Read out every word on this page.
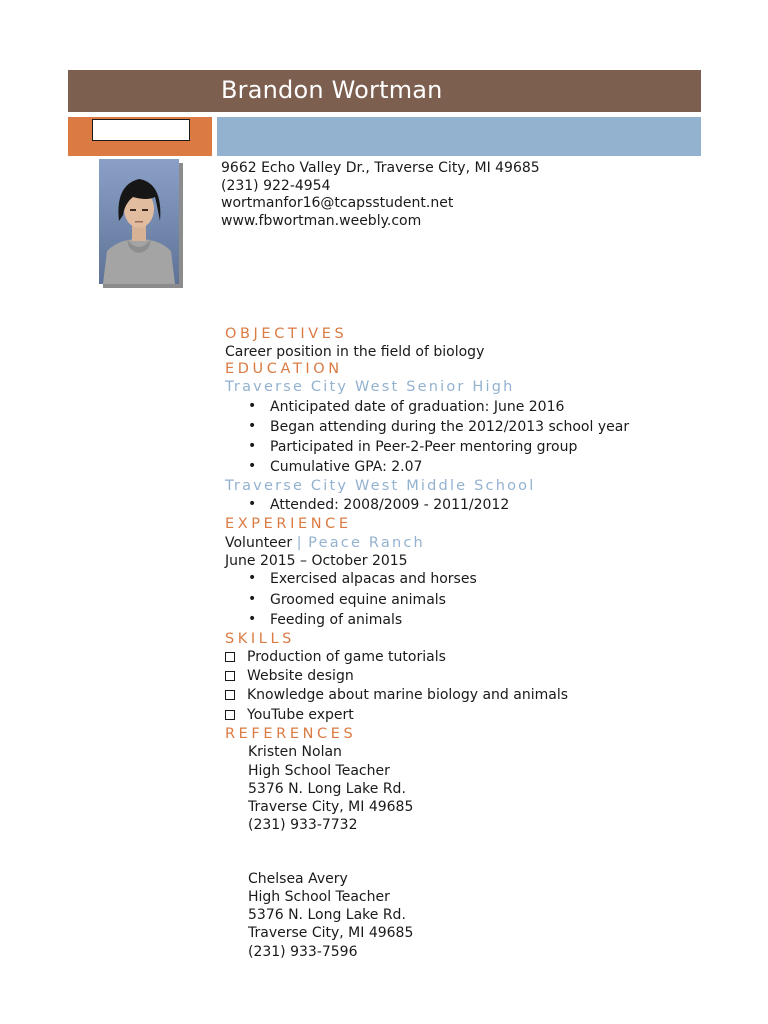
Brandon Wortman
9662 Echo Valley Dr., Traverse City, MI 49685
(231) 922-4954
wortmanfor16@tcapsstudent.net
www.fbwortman.weebly.com
OBJECTIVES
Career position in the field of biology
EDUCATION
Traverse City West Senior High
• Anticipated date of graduation: June 2016
• Began attending during the 2012/2013 school year
• Participated in Peer-2-Peer mentoring group
• Cumulative GPA: 2.07
Traverse City West Middle School
• Attended: 2008/2009 - 2011/2012
EXPERIENCE
Volunteer | Peace Ranch
June 2015 – October 2015
• Exercised alpacas and horses
• Groomed equine animals
• Feeding of animals
SKILLS
Production of game tutorials
Website design
Knowledge about marine biology and animals
YouTube expert
REFERENCES
Kristen Nolan
High School Teacher
5376 N. Long Lake Rd.
Traverse City, MI 49685
(231) 933-7732
Chelsea Avery
High School Teacher
5376 N. Long Lake Rd.
Traverse City, MI 49685
(231) 933-7596
